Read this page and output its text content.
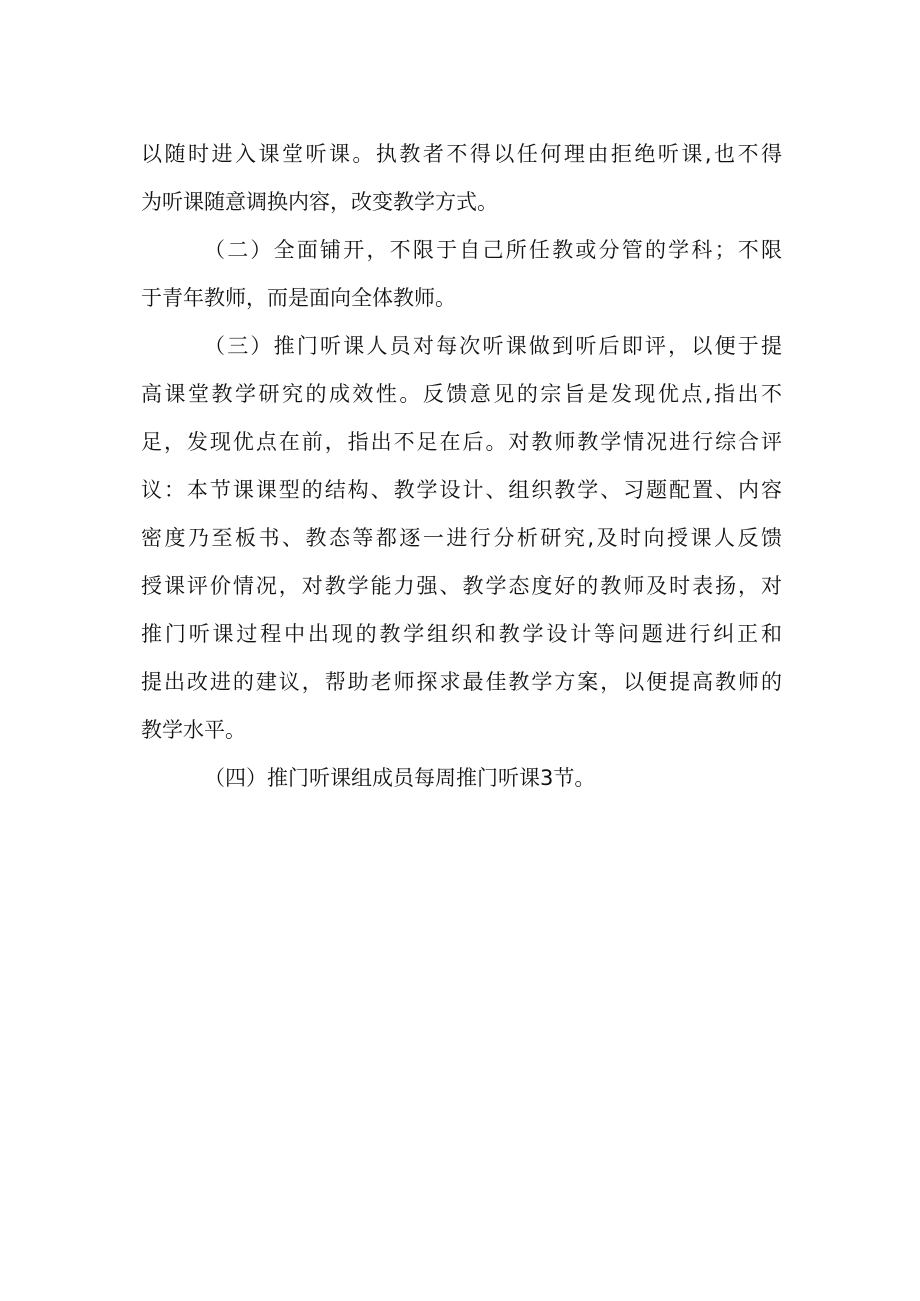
以随时进入课堂听课。执教者不得以任何理由拒绝听课,也不得
为听课随意调换内容，改变教学方式。
（二）全面铺开，不限于自己所任教或分管的学科；不限
于青年教师，而是面向全体教师。
（三）推门听课人员对每次听课做到听后即评，以便于提
高课堂教学研究的成效性。反馈意见的宗旨是发现优点,指出不
足，发现优点在前，指出不足在后。对教师教学情况进行综合评
议：本节课课型的结构、教学设计、组织教学、习题配置、内容
密度乃至板书、教态等都逐一进行分析研究,及时向授课人反馈
授课评价情况，对教学能力强、教学态度好的教师及时表扬，对
推门听课过程中出现的教学组织和教学设计等问题进行纠正和
提出改进的建议，帮助老师探求最佳教学方案，以便提高教师的
教学水平。
（四）推门听课组成员每周推门听课3节。
